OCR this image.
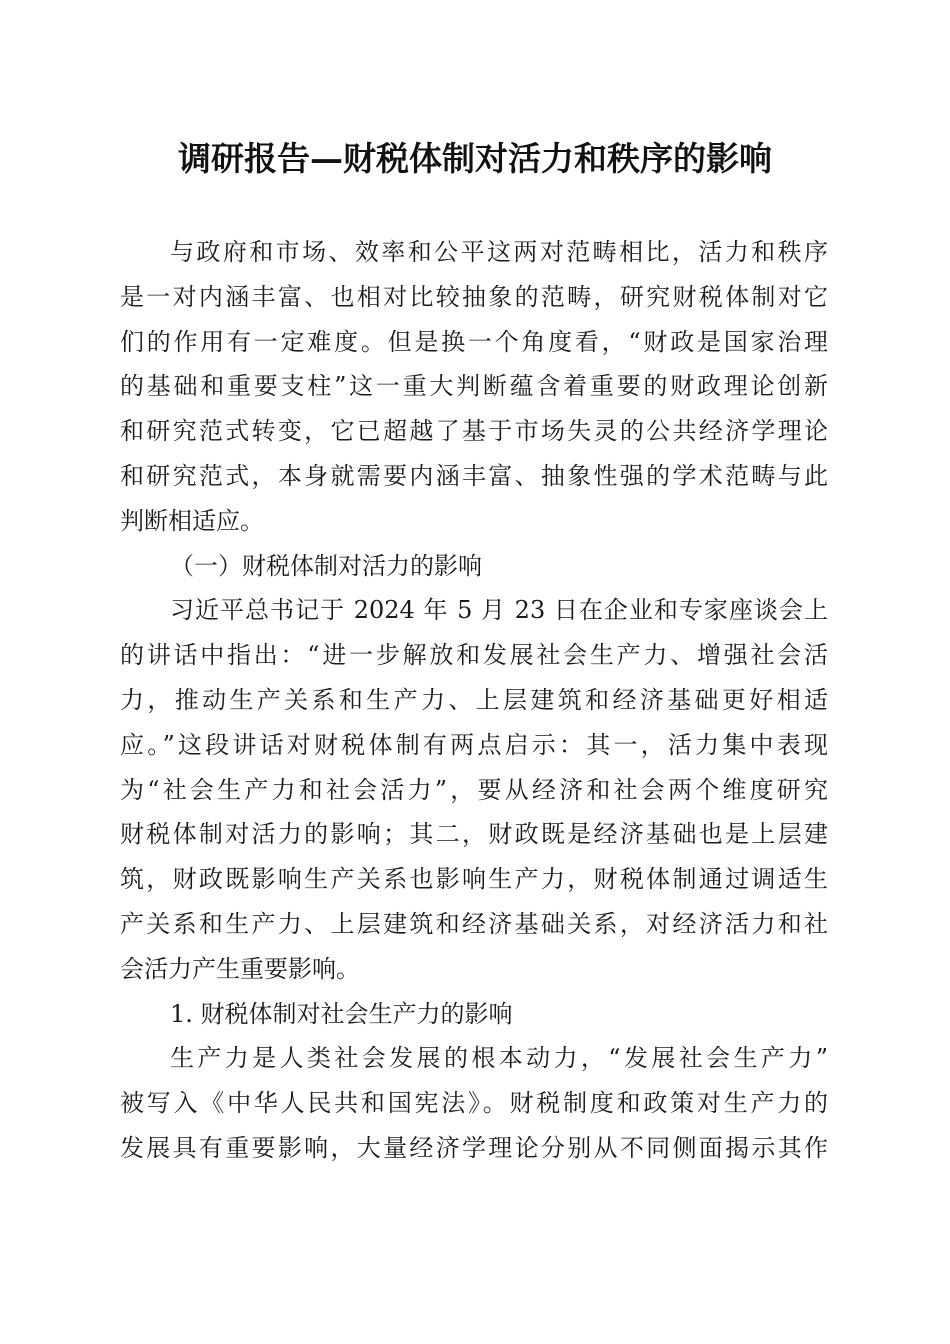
调研报告—财税体制对活力和秩序的影响
与政府和市场、效率和公平这两对范畴相比，活力和秩序
是一对内涵丰富、也相对比较抽象的范畴，研究财税体制对它
们的作用有一定难度。但是换一个角度看，“财政是国家治理
的基础和重要支柱”这一重大判断蕴含着重要的财政理论创新
和研究范式转变，它已超越了基于市场失灵的公共经济学理论
和研究范式，本身就需要内涵丰富、抽象性强的学术范畴与此
判断相适应。
（一）财税体制对活力的影响
习近平总书记于 2024 年 5 月 23 日在企业和专家座谈会上
的讲话中指出：“进一步解放和发展社会生产力、增强社会活
力，推动生产关系和生产力、上层建筑和经济基础更好相适
应。”这段讲话对财税体制有两点启示：其一，活力集中表现
为“社会生产力和社会活力”，要从经济和社会两个维度研究
财税体制对活力的影响；其二，财政既是经济基础也是上层建
筑，财政既影响生产关系也影响生产力，财税体制通过调适生
产关系和生产力、上层建筑和经济基础关系，对经济活力和社
会活力产生重要影响。
1. 财税体制对社会生产力的影响
生产力是人类社会发展的根本动力，“发展社会生产力”
被写入《中华人民共和国宪法》。财税制度和政策对生产力的
发展具有重要影响，大量经济学理论分别从不同侧面揭示其作
